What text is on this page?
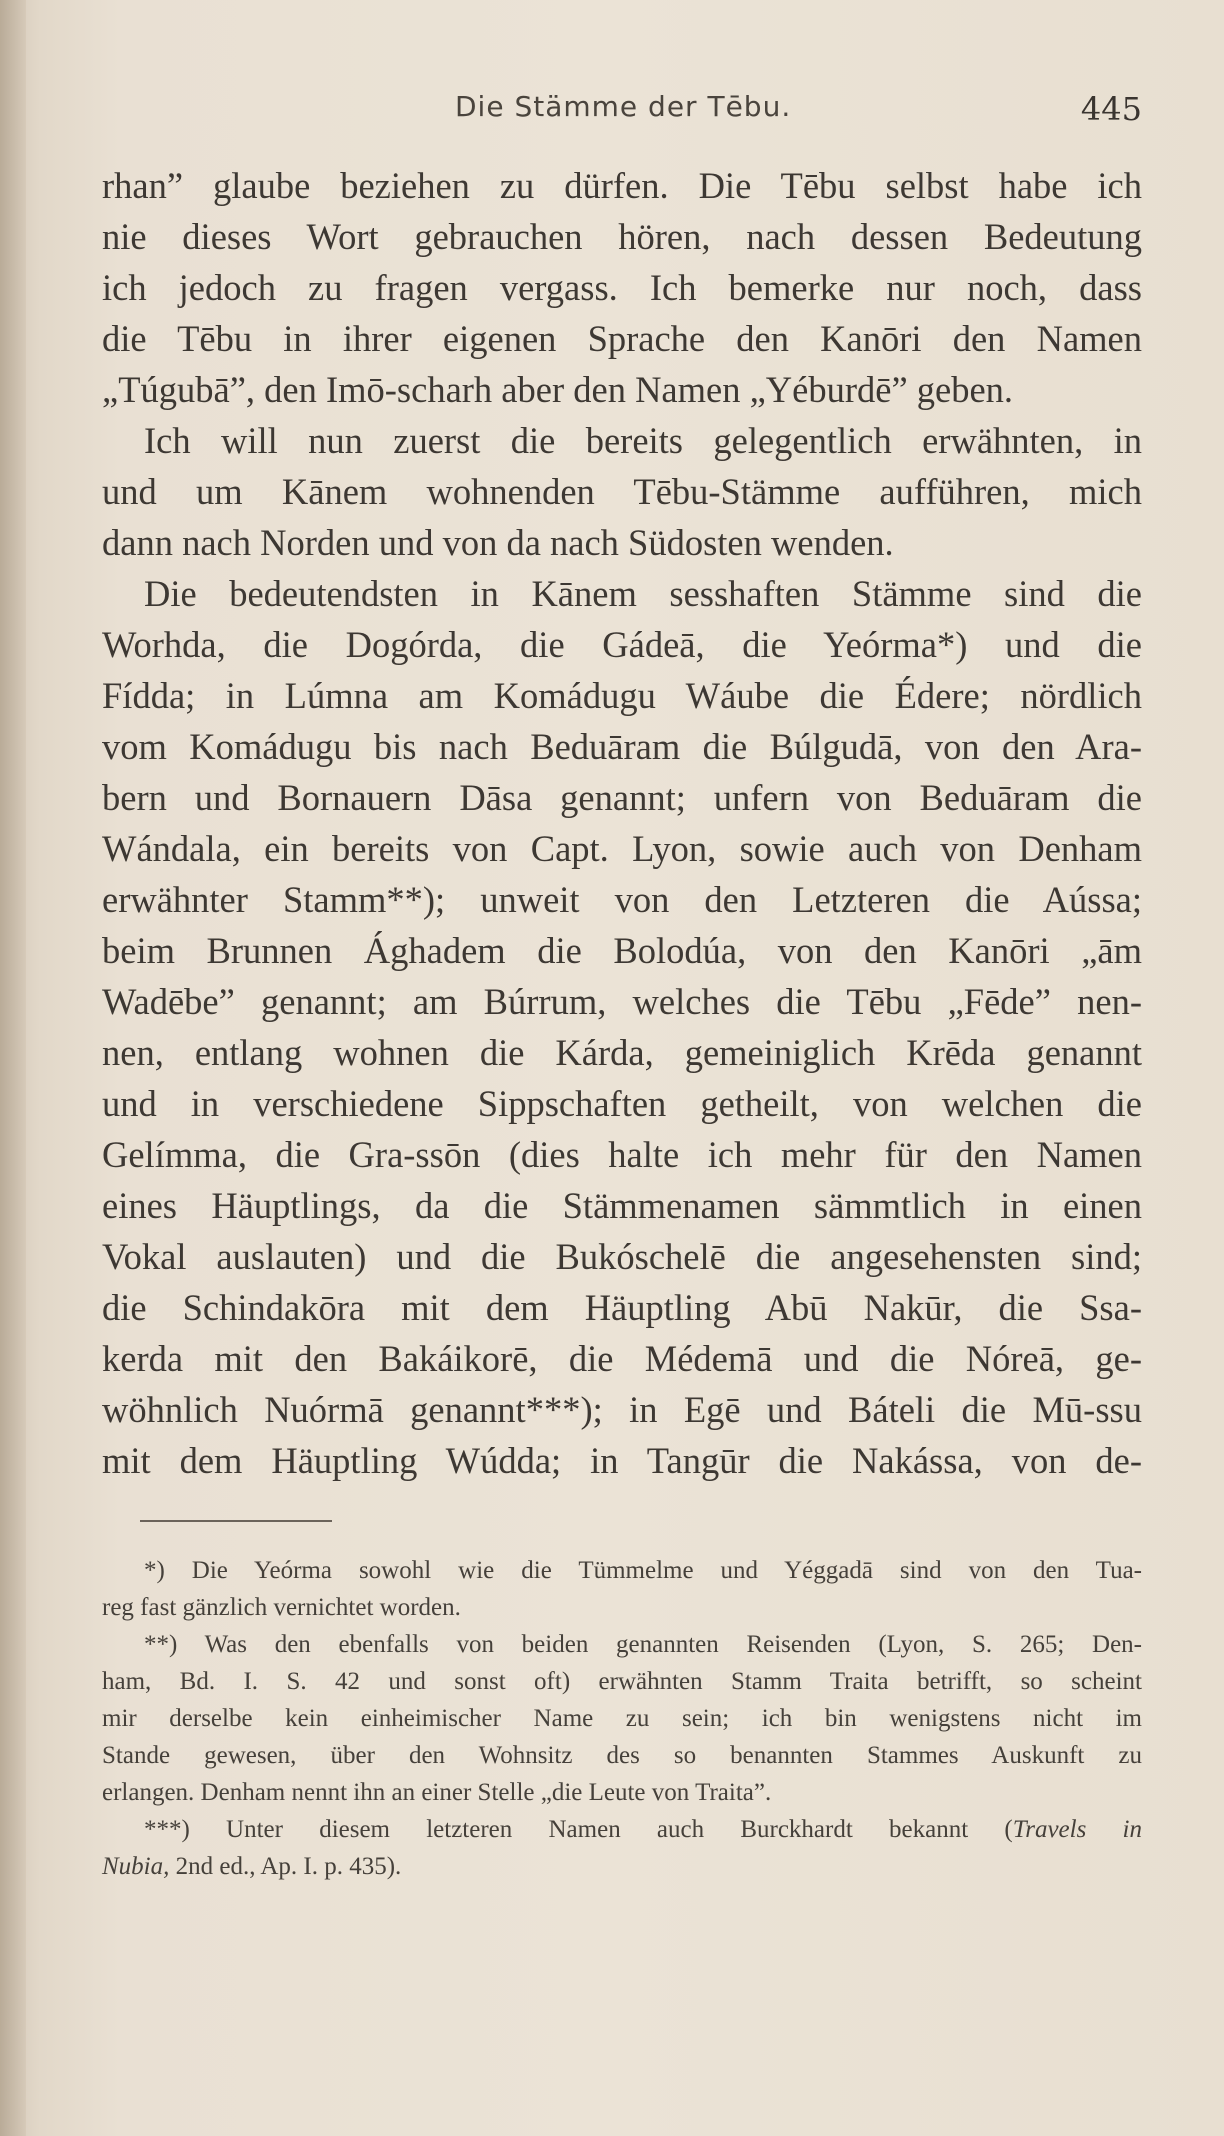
Die Stämme der Tēbu.	445
rhan” glaube beziehen zu dürfen. Die Tēbu selbst habe ich
nie dieses Wort gebrauchen hören, nach dessen Bedeutung
ich jedoch zu fragen vergass. Ich bemerke nur noch, dass
die Tēbu in ihrer eigenen Sprache den Kanōri den Namen
„Túgubā”, den Imō-scharh aber den Namen „Yéburdē” geben.
Ich will nun zuerst die bereits gelegentlich erwähnten, in
und um Kānem wohnenden Tēbu-Stämme aufführen, mich
dann nach Norden und von da nach Südosten wenden.
Die bedeutendsten in Kānem sesshaften Stämme sind die
Worhda, die Dogórda, die Gádeā, die Yeórma*) und die
Fídda; in Lúmna am Komádugu Wáube die Édere; nördlich
vom Komádugu bis nach Beduāram die Búlgudā, von den Ara-
bern und Bornauern Dāsa genannt; unfern von Beduāram die
Wándala, ein bereits von Capt. Lyon, sowie auch von Denham
erwähnter Stamm**); unweit von den Letzteren die Aússa;
beim Brunnen Ághadem die Bolodúa, von den Kanōri „ām
Wadēbe” genannt; am Búrrum, welches die Tēbu „Fēde” nen-
nen, entlang wohnen die Kárda, gemeiniglich Krēda genannt
und in verschiedene Sippschaften getheilt, von welchen die
Gelímma, die Gra-ssōn (dies halte ich mehr für den Namen
eines Häuptlings, da die Stämmenamen sämmtlich in einen
Vokal auslauten) und die Bukóschelē die angesehensten sind;
die Schindakōra mit dem Häuptling Abū Nakūr, die Ssa-
kerda mit den Bakáikorē, die Médemā und die Nóreā, ge-
wöhnlich Nuórmā genannt***); in Egē und Báteli die Mū-ssu
mit dem Häuptling Wúdda; in Tangūr die Nakássa, von de-
*) Die Yeórma sowohl wie die Tümmelme und Yéggadā sind von den Tua-
reg fast gänzlich vernichtet worden.
**) Was den ebenfalls von beiden genannten Reisenden (Lyon, S. 265; Den-
ham, Bd. I. S. 42 und sonst oft) erwähnten Stamm Traita betrifft, so scheint
mir derselbe kein einheimischer Name zu sein; ich bin wenigstens nicht im
Stande gewesen, über den Wohnsitz des so benannten Stammes Auskunft zu
erlangen. Denham nennt ihn an einer Stelle „die Leute von Traita”.
***) Unter diesem letzteren Namen auch Burckhardt bekannt (Travels in
Nubia, 2nd ed., Ap. I. p. 435).
